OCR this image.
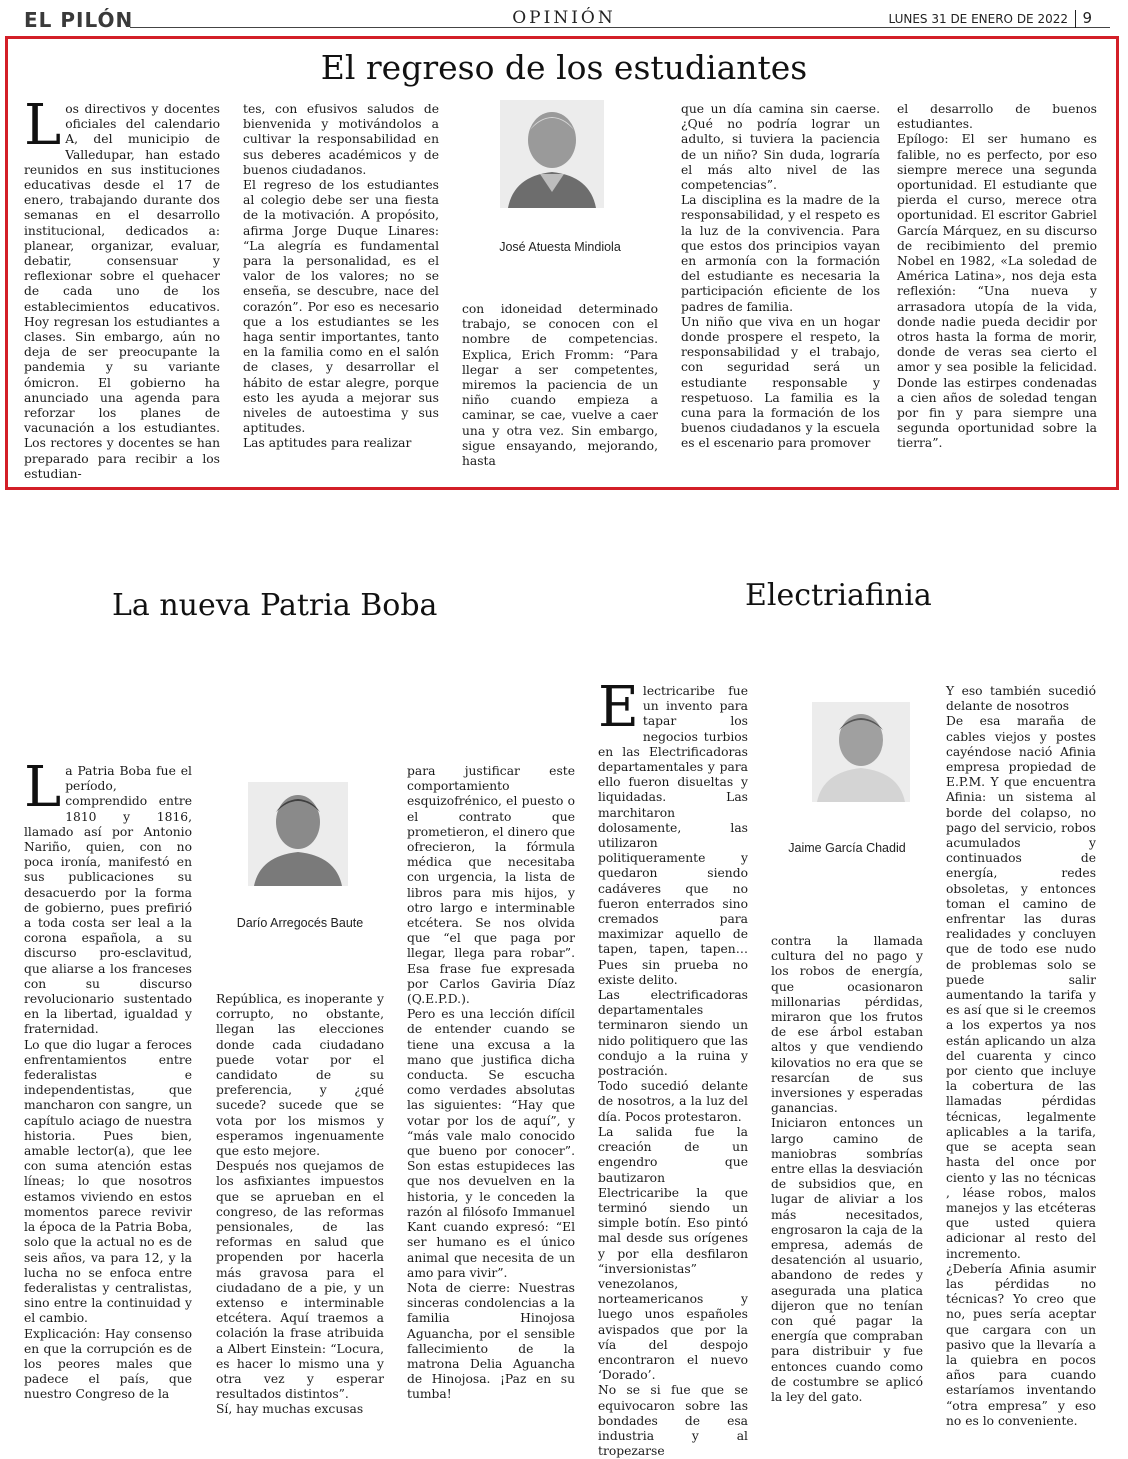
EL PILÓN	OPINIÓN	LUNES 31 DE ENERO DE 2022 9
El regreso de los estudiantes

Los directivos y docentes oficiales del calendario A, del municipio de Valledupar, han estado reunidos en sus instituciones educativas desde el 17 de enero, trabajando durante dos semanas en el desarrollo institucional, dedicados a: planear, organizar, evaluar, debatir, consensuar y reflexionar sobre el quehacer de cada uno de los establecimientos educativos. Hoy regresan los estudiantes a clases. Sin embargo, aún no deja de ser preocupante la pandemia y su variante ómicron. El gobierno ha anunciado una agenda para reforzar los planes de vacunación a los estudiantes. Los rectores y docentes se han preparado para recibir a los estudian-

tes, con efusivos saludos de bienvenida y motivándolos a cultivar la responsabilidad en sus deberes académicos y de buenos ciudadanos.

El regreso de los estudiantes al colegio debe ser una fiesta de la motivación. A propósito, afirma Jorge Duque Linares: “La alegría es fundamental para la personalidad, es el valor de los valores; no se enseña, se descubre, nace del corazón”. Por eso es necesario que a los estudiantes se les haga sentir importantes, tanto en la familia como en el salón de clases, y desarrollar el hábito de estar alegre, porque esto les ayuda a mejorar sus niveles de autoestima y sus aptitudes.

Las aptitudes para realizar

José Atuesta Mindiola

con idoneidad determinado trabajo, se conocen con el nombre de competencias. Explica, Erich Fromm: “Para llegar a ser competentes, miremos la paciencia de un niño cuando empieza a caminar, se cae, vuelve a caer una y otra vez. Sin embargo, sigue ensayando, mejorando, hasta

que un día camina sin caerse. ¿Qué no podría lograr un adulto, si tuviera la paciencia de un niño? Sin duda, lograría el más alto nivel de las competencias”.

La disciplina es la madre de la responsabilidad, y el respeto es la luz de la convivencia. Para que estos dos principios vayan en armonía con la formación del estudiante es necesaria la participación eficiente de los padres de familia.

Un niño que viva en un hogar donde prospere el respeto, la responsabilidad y el trabajo, con seguridad será un estudiante responsable y respetuoso. La familia es la cuna para la formación de los buenos ciudadanos y la escuela es el escenario para promover

el desarrollo de buenos estudiantes.

Epílogo: El ser humano es falible, no es perfecto, por eso siempre merece una segunda oportunidad. El estudiante que pierda el curso, merece otra oportunidad. El escritor Gabriel García Márquez, en su discurso de recibimiento del premio Nobel en 1982, «La soledad de América Latina», nos deja esta reflexión: “Una nueva y arrasadora utopía de la vida, donde nadie pueda decidir por otros hasta la forma de morir, donde de veras sea cierto el amor y sea posible la felicidad. Donde las estirpes condenadas a cien años de soledad tengan por fin y para siempre una segunda oportunidad sobre la tierra”.

La nueva Patria Boba

La Patria Boba fue el período, comprendido entre 1810 y 1816, llamado así por Antonio Nariño, quien, con no poca ironía, manifestó en sus publicaciones su desacuerdo por la forma de gobierno, pues prefirió a toda costa ser leal a la corona española, a su discurso pro-esclavitud, que aliarse a los franceses con su discurso revolucionario sustentado en la libertad, igualdad y fraternidad.

Lo que dio lugar a feroces enfrentamientos entre federalistas e independentistas, que mancharon con sangre, un capítulo aciago de nuestra historia. Pues bien, amable lector(a), que lee con suma atención estas líneas; lo que nosotros estamos viviendo en estos momentos parece revivir la época de la Patria Boba, solo que la actual no es de seis años, va para 12, y la lucha no se enfoca entre federalistas y centralistas, sino entre la continuidad y el cambio.

Explicación: Hay consenso en que la corrupción es de los peores males que padece el país, que nuestro Congreso de la

Darío Arregocés Baute

República, es inoperante y corrupto, no obstante, llegan las elecciones donde cada ciudadano puede votar por el candidato de su preferencia, y ¿qué sucede? sucede que se vota por los mismos y esperamos ingenuamente que esto mejore.

Después nos quejamos de los asfixiantes impuestos que se aprueban en el congreso, de las reformas pensionales, de las reformas en salud que propenden por hacerla más gravosa para el ciudadano de a pie, y un extenso e interminable etcétera. Aquí traemos a colación la frase atribuida a Albert Einstein: “Locura, es hacer lo mismo una y otra vez y esperar resultados distintos”.

Sí, hay muchas excusas

para justificar este comportamiento esquizofrénico, el puesto o el contrato que prometieron, el dinero que ofrecieron, la fórmula médica que necesitaba con urgencia, la lista de libros para mis hijos, y otro largo e interminable etcétera. Se nos olvida que “el que paga por llegar, llega para robar”. Esa frase fue expresada por Carlos Gaviria Díaz (Q.E.P.D.).

Pero es una lección difícil de entender cuando se tiene una excusa a la mano que justifica dicha conducta. Se escucha como verdades absolutas las siguientes: “Hay que votar por los de aquí”, y “más vale malo conocido que bueno por conocer”. Son estas estupideces las que nos devuelven en la historia, y le conceden la razón al filósofo Immanuel Kant cuando expresó: “El ser humano es el único animal que necesita de un amo para vivir”.

Nota de cierre: Nuestras sinceras condolencias a la familia Hinojosa Aguancha, por el sensible fallecimiento de la matrona Delia Aguancha de Hinojosa. ¡Paz en su tumba!

Electriafinia

Electricaribe fue un invento para tapar los negocios turbios en las Electrificadoras departamentales y para ello fueron disueltas y liquidadas. Las marchitaron dolosamente, las utilizaron politiqueramente y quedaron siendo cadáveres que no fueron enterrados sino cremados para maximizar aquello de tapen, tapen, tapen…Pues sin prueba no existe delito.

Las electrificadoras departamentales terminaron siendo un nido politiquero que las condujo a la ruina y postración.

Todo sucedió delante de nosotros, a la luz del día. Pocos protestaron.

La salida fue la creación de un engendro que bautizaron Electricaribe la que terminó siendo un simple botín. Eso pintó mal desde sus orígenes y por ella desfilaron “inversionistas” venezolanos, norteamericanos y luego unos españoles avispados que por la vía del despojo encontraron el nuevo ‘Dorado’.

No se si fue que se equivocaron sobre las bondades de esa industria y al tropezarse

Jaime García Chadid

contra la llamada cultura del no pago y los robos de energía, que ocasionaron millonarias pérdidas, miraron que los frutos de ese árbol estaban altos y que vendiendo kilovatios no era que se resarcían de sus inversiones y esperadas ganancias.

Iniciaron entonces un largo camino de maniobras sombrías entre ellas la desviación de subsidios que, en lugar de aliviar a los más necesitados, engrosaron la caja de la empresa, además de desatención al usuario, abandono de redes y asegurada una platica dijeron que no tenían con qué pagar la energía que compraban para distribuir y fue entonces cuando como de costumbre se aplicó la ley del gato.

Y eso también sucedió delante de nosotros

De esa maraña de cables viejos y postes cayéndose nació Afinia empresa propiedad de E.P.M. Y que encuentra Afinia: un sistema al borde del colapso, no pago del servicio, robos acumulados y continuados de energía, redes obsoletas, y entonces toman el camino de enfrentar las duras realidades y concluyen que de todo ese nudo de problemas solo se puede salir aumentando la tarifa y es así que si le creemos a los expertos ya nos están aplicando un alza del cuarenta y cinco por ciento que incluye la cobertura de las llamadas pérdidas técnicas, legalmente aplicables a la tarifa, que se acepta sean hasta del once por ciento y las no técnicas , léase robos, malos manejos y las etcéteras que usted quiera adicionar al resto del incremento.

¿Debería Afinia asumir las pérdidas no técnicas? Yo creo que no, pues sería aceptar que cargara con un pasivo que la llevaría a la quiebra en pocos años para cuando estaríamos inventando “otra empresa” y eso no es lo conveniente.
